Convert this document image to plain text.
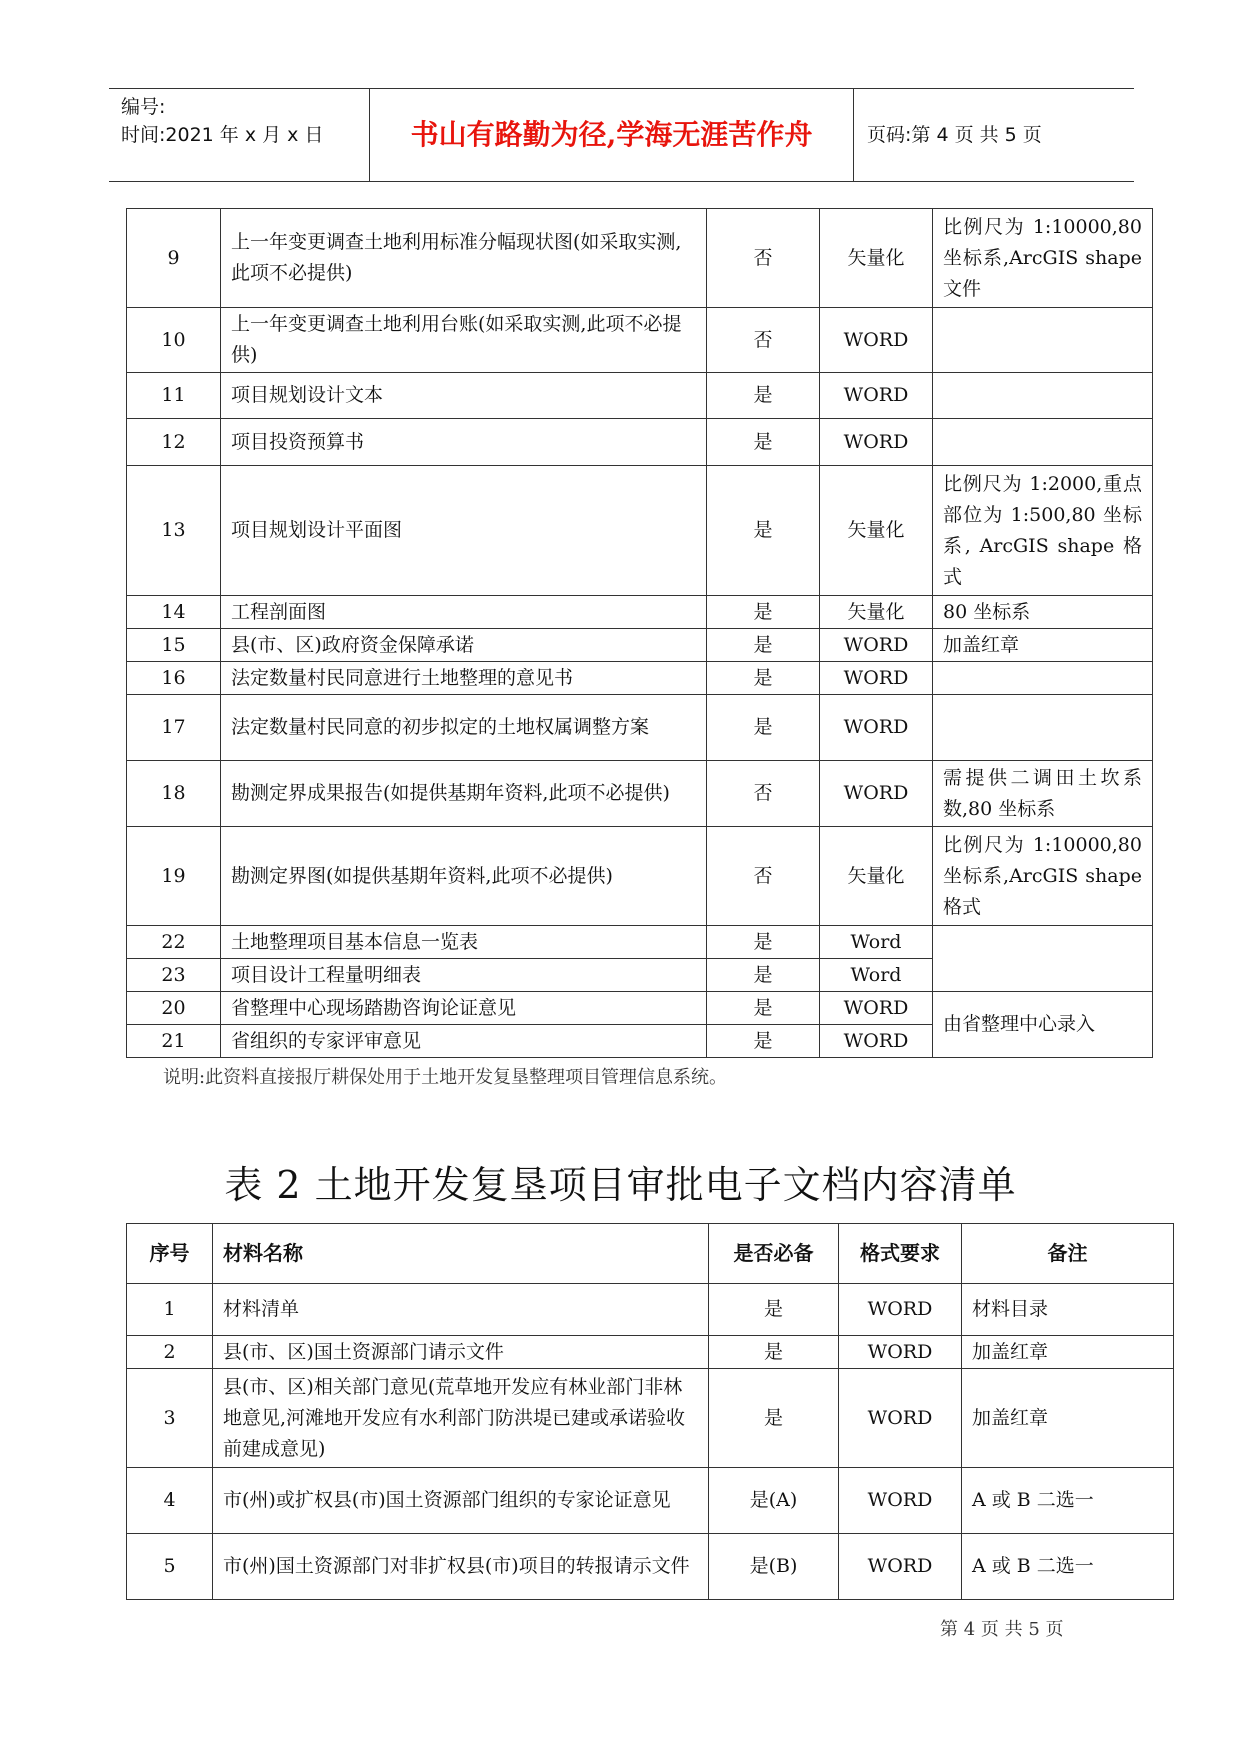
编号:
时间:2021 年 x 月 x 日	书山有路勤为径,学海无涯苦作舟	页码:第 4 页 共 5 页
9	上一年变更调查土地利用标准分幅现状图(如采取实测,此项不必提供)	否	矢量化	比例尺为 1:10000,80 坐标系,ArcGIS shape 文件
10	上一年变更调查土地利用台账(如采取实测,此项不必提供)	否	WORD	
11	项目规划设计文本	是	WORD	
12	项目投资预算书	是	WORD	
13	项目规划设计平面图	是	矢量化	比例尺为 1:2000,重点部位为 1:500,80 坐标系, ArcGIS shape 格式
14	工程剖面图	是	矢量化	80 坐标系
15	县(市、区)政府资金保障承诺	是	WORD	加盖红章
16	法定数量村民同意进行土地整理的意见书	是	WORD	
17	法定数量村民同意的初步拟定的土地权属调整方案	是	WORD	
18	勘测定界成果报告(如提供基期年资料,此项不必提供)	否	WORD	需提供二调田土坎系数,80 坐标系
19	勘测定界图(如提供基期年资料,此项不必提供)	否	矢量化	比例尺为 1:10000,80 坐标系,ArcGIS shape 格式
22	土地整理项目基本信息一览表	是	Word	
23	项目设计工程量明细表	是	Word	
20	省整理中心现场踏勘咨询论证意见	是	WORD	由省整理中心录入
21	省组织的专家评审意见	是	WORD	
说明:此资料直接报厅耕保处用于土地开发复垦整理项目管理信息系统。
表 2 土地开发复垦项目审批电子文档内容清单
序号	材料名称	是否必备	格式要求	备注
1	材料清单	是	WORD	材料目录
2	县(市、区)国土资源部门请示文件	是	WORD	加盖红章
3	县(市、区)相关部门意见(荒草地开发应有林业部门非林地意见,河滩地开发应有水利部门防洪堤已建或承诺验收前建成意见)	是	WORD	加盖红章
4	市(州)或扩权县(市)国土资源部门组织的专家论证意见	是(A)	WORD	A 或 B 二选一
5	市(州)国土资源部门对非扩权县(市)项目的转报请示文件	是(B)	WORD	A 或 B 二选一
第 4 页 共 5 页
